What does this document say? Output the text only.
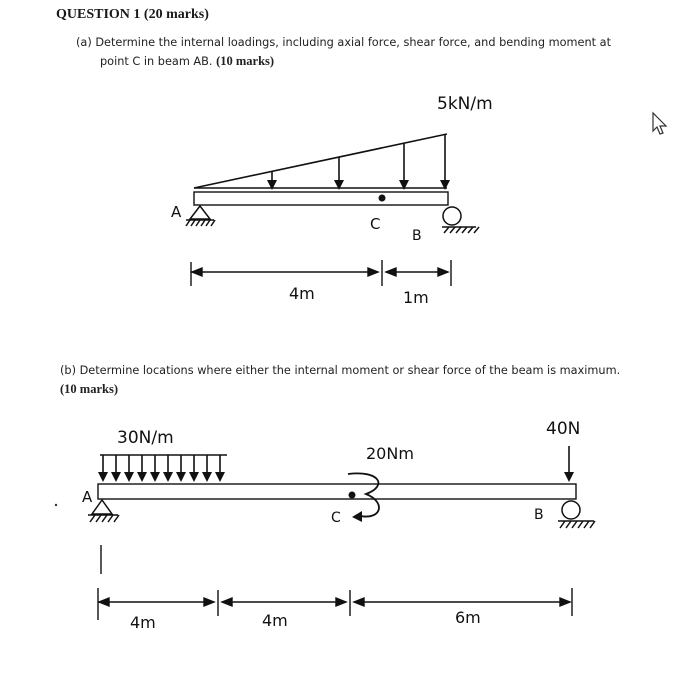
QUESTION 1 (20 marks)
(a) Determine the internal loadings, including axial force, shear force, and bending moment at
point C in beam AB. (10 marks)
(b) Determine locations where either the internal moment or shear force of the beam is maximum.
(10 marks)
5kN/m
A
C
B
4m	1m
30N/m	40N
20Nm
A
C	B
4m	4m	6m
